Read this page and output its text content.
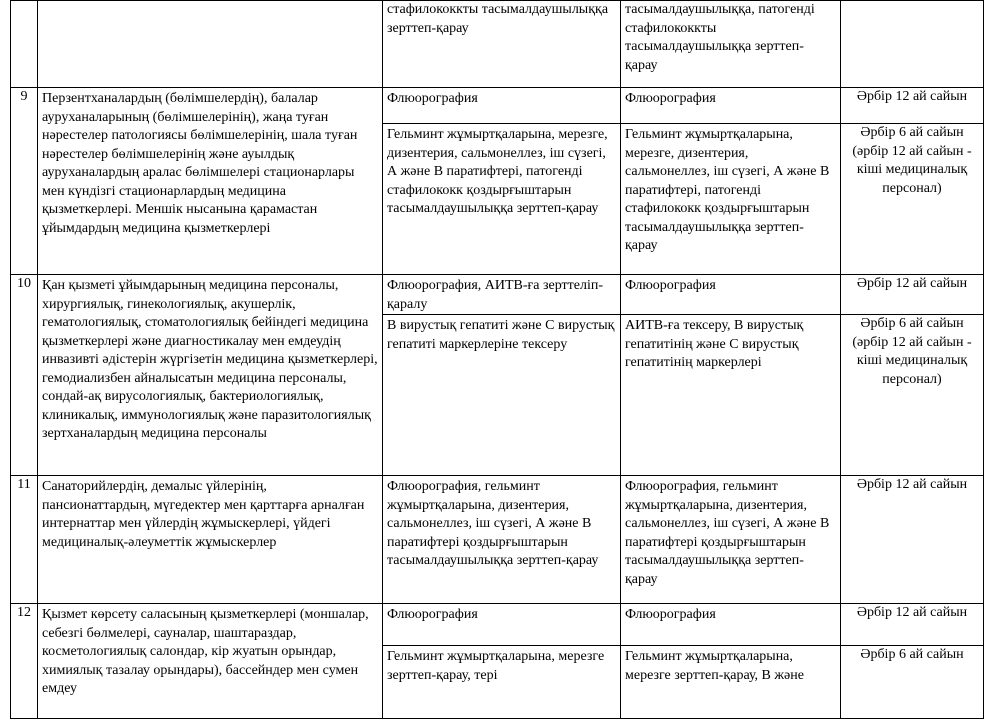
		стафилококкты тасымалдаушылыққа зерттеп-қарау	тасымалдаушылыққа, патогенді стафилококкты тасымалдаушылыққа зерттеп-қарау	
9	Перзентханалардың (бөлімшелердің), балалар ауруханаларының (бөлімшелерінің), жаңа туған нәрестелер патологиясы бөлімшелерінің, шала туған нәрестелер бөлімшелерінің және ауылдық ауруханалардың аралас бөлімшелері стационарлары мен күндізгі стационарлардың медицина қызметкерлері. Меншік нысанына қарамастан ұйымдардың медицина қызметкерлері	Флюорография	Флюорография	Әрбір 12 ай сайын
		Гельминт жұмыртқаларына, мерезге, дизентерия, сальмонеллез, іш сүзегі, А және В паратифтері, патогенді стафилококк қоздырғыштарын тасымалдаушылыққа зерттеп-қарау	Гельминт жұмыртқаларына, мерезге, дизентерия, сальмонеллез, іш сүзегі, А және В паратифтері, патогенді стафилококк қоздырғыштарын тасымалдаушылыққа зерттеп-қарау	Әрбір 6 ай сайын (әрбір 12 ай сайын - кіші медициналық персонал)
10	Қан қызметі ұйымдарының медицина персоналы, хирургиялық, гинекологиялық, акушерлік, гематологиялық, стоматологиялық бейіндегі медицина қызметкерлері және диагностикалау мен емдеудің инвазивті әдістерін жүргізетін медицина қызметкерлері, гемодиализбен айналысатын медицина персоналы, сондай-ақ вирусологиялық, бактериологиялық, клиникалық, иммунологиялық және паразитологиялық зертханалардың медицина персоналы	Флюорография, АИТВ-ға зерттеліп-қаралу	Флюорография	Әрбір 12 ай сайын
		В вирустық гепатиті және С вирустық гепатиті маркерлеріне тексеру	АИТВ-ға тексеру, В вирустық гепатитінің және С вирустық гепатитінің маркерлері	Әрбір 6 ай сайын (әрбір 12 ай сайын - кіші медициналық персонал)
11	Санаторийлердің, демалыс үйлерінің, пансионаттардың, мүгедектер мен қарттарға арналған интернаттар мен үйлердің жұмыскерлері, үйдегі медициналық-әлеуметтік жұмыскерлер	Флюорография, гельминт жұмыртқаларына, дизентерия, сальмонеллез, іш сүзегі, А және В паратифтері қоздырғыштарын тасымалдаушылыққа зерттеп-қарау	Флюорография, гельминт жұмыртқаларына, дизентерия, сальмонеллез, іш сүзегі, А және В паратифтері қоздырғыштарын тасымалдаушылыққа зерттеп-қарау	Әрбір 12 ай сайын
12	Қызмет көрсету саласының қызметкерлері (моншалар, себезгі бөлмелері, сауналар, шаштараздар, косметологиялық салондар, кір жуатын орындар, химиялық тазалау орындары), бассейндер мен сумен емдеу	Флюорография	Флюорография	Әрбір 12 ай сайын
		Гельминт жұмыртқаларына, мерезге зерттеп-қарау, тері	Гельминт жұмыртқаларына, мерезге зерттеп-қарау, В және	Әрбір 6 ай сайын
